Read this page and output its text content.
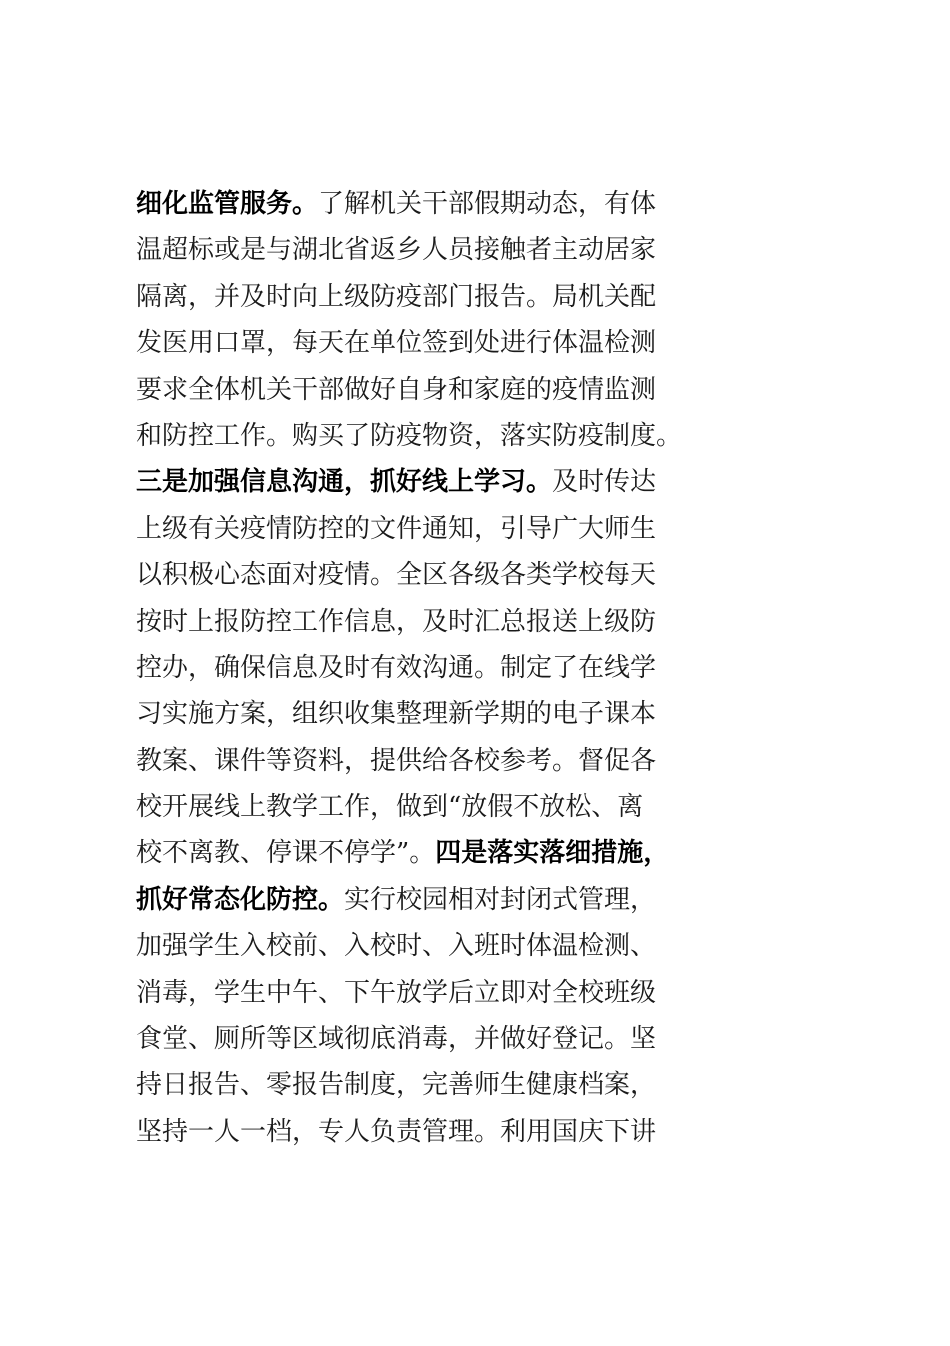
细化监管服务。了解机关干部假期动态，有体
温超标或是与湖北省返乡人员接触者主动居家
隔离，并及时向上级防疫部门报告。局机关配
发医用口罩，每天在单位签到处进行体温检测
要求全体机关干部做好自身和家庭的疫情监测
和防控工作。购买了防疫物资，落实防疫制度。
三是加强信息沟通，抓好线上学习。及时传达
上级有关疫情防控的文件通知，引导广大师生
以积极心态面对疫情。全区各级各类学校每天
按时上报防控工作信息，及时汇总报送上级防
控办，确保信息及时有效沟通。制定了在线学
习实施方案，组织收集整理新学期的电子课本
教案、课件等资料，提供给各校参考。督促各
校开展线上教学工作，做到“放假不放松、离
校不离教、停课不停学”。四是落实落细措施，
抓好常态化防控。实行校园相对封闭式管理，
加强学生入校前、入校时、入班时体温检测、
消毒，学生中午、下午放学后立即对全校班级
食堂、厕所等区域彻底消毒，并做好登记。坚
持日报告、零报告制度，完善师生健康档案，
坚持一人一档，专人负责管理。利用国庆下讲
